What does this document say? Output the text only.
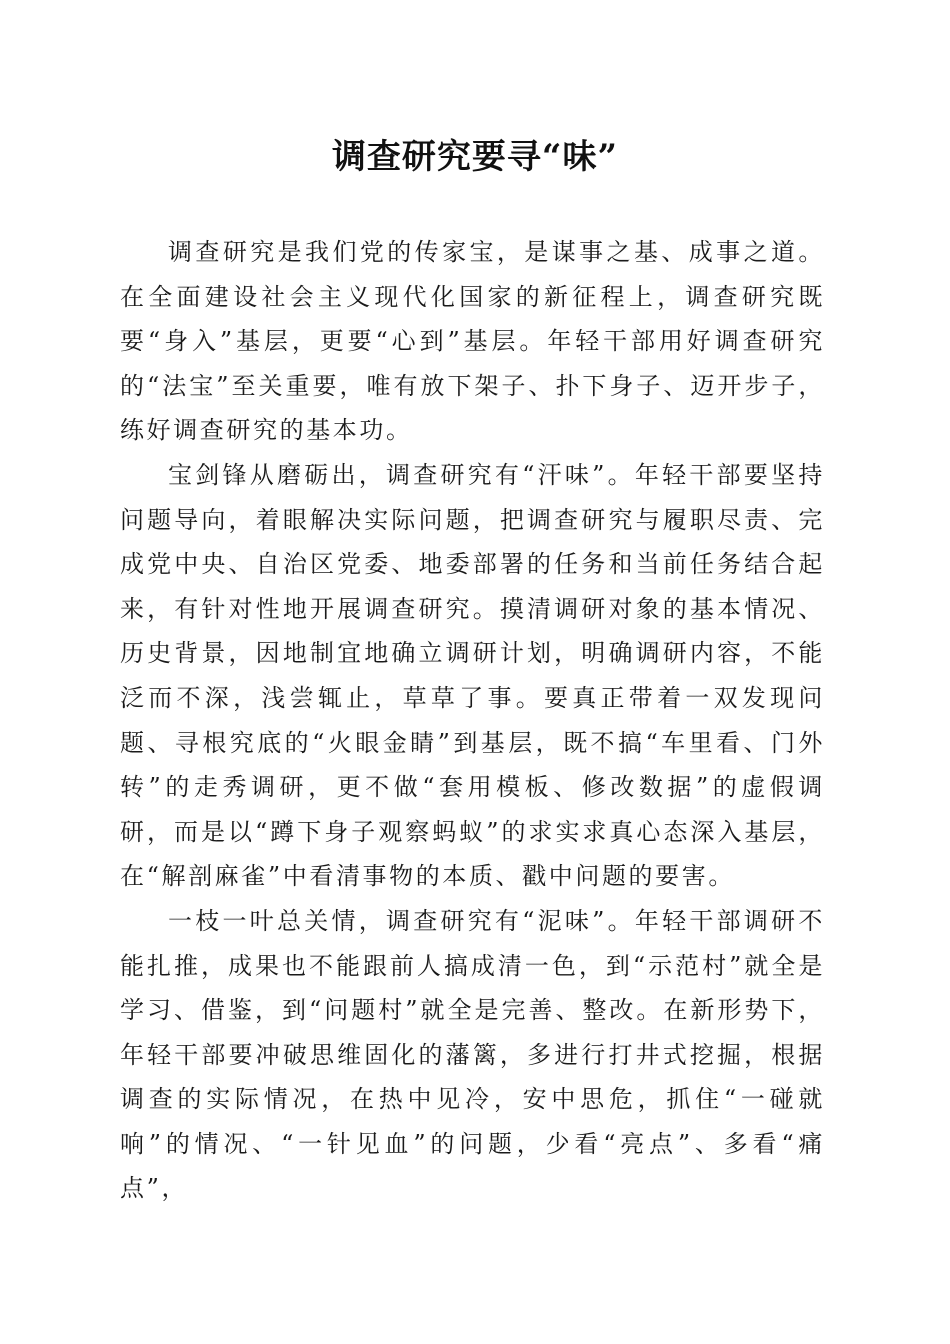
调查研究要寻“味”

调查研究是我们党的传家宝，是谋事之基、成事之道。在全面建设社会主义现代化国家的新征程上，调查研究既要“身入”基层，更要“心到”基层。年轻干部用好调查研究的“法宝”至关重要，唯有放下架子、扑下身子、迈开步子，练好调查研究的基本功。

宝剑锋从磨砺出，调查研究有“汗味”。年轻干部要坚持问题导向，着眼解决实际问题，把调查研究与履职尽责、完成党中央、自治区党委、地委部署的任务和当前任务结合起来，有针对性地开展调查研究。摸清调研对象的基本情况、历史背景，因地制宜地确立调研计划，明确调研内容，不能泛而不深，浅尝辄止，草草了事。要真正带着一双发现问题、寻根究底的“火眼金睛”到基层，既不搞“车里看、门外转”的走秀调研，更不做“套用模板、修改数据”的虚假调研，而是以“蹲下身子观察蚂蚁”的求实求真心态深入基层，在“解剖麻雀”中看清事物的本质、戳中问题的要害。

一枝一叶总关情，调查研究有“泥味”。年轻干部调研不能扎推，成果也不能跟前人搞成清一色，到“示范村”就全是学习、借鉴，到“问题村”就全是完善、整改。在新形势下，年轻干部要冲破思维固化的藩篱，多进行打井式挖掘，根据调查的实际情况，在热中见冷，安中思危，抓住“一碰就响”的情况、“一针见血”的问题，少看“亮点”、多看“痛点”，
